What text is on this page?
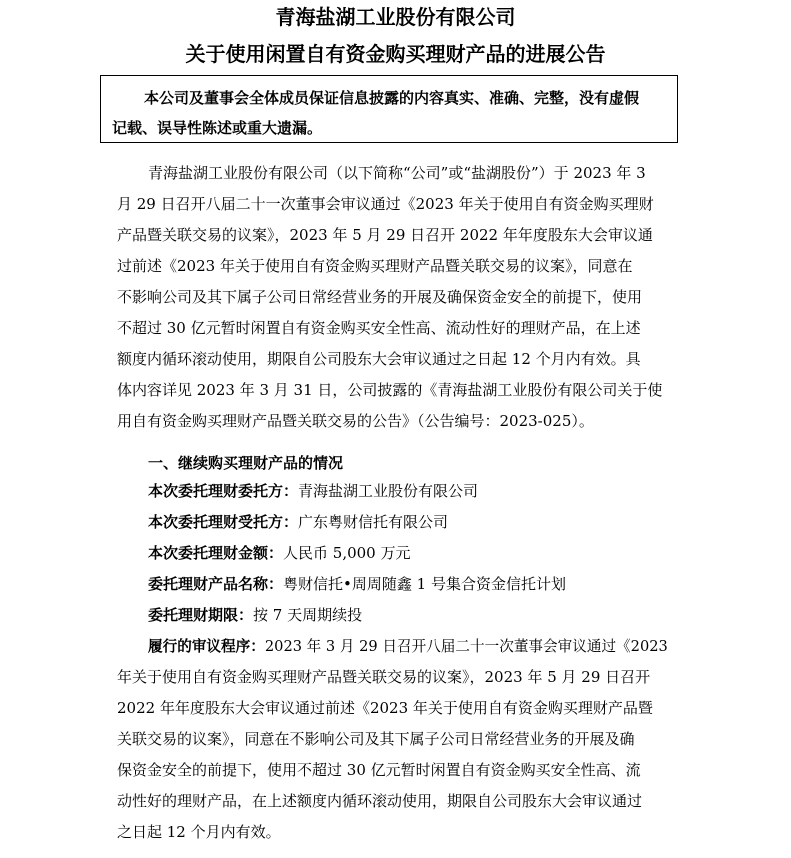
青海盐湖工业股份有限公司
关于使用闲置自有资金购买理财产品的进展公告
本公司及董事会全体成员保证信息披露的内容真实、准确、完整，没有虚假
记载、误导性陈述或重大遗漏。
青海盐湖工业股份有限公司（以下简称“公司”或“盐湖股份”）于 2023 年 3
月 29 日召开八届二十一次董事会审议通过《2023 年关于使用自有资金购买理财
产品暨关联交易的议案》，2023 年 5 月 29 日召开 2022 年年度股东大会审议通
过前述《2023 年关于使用自有资金购买理财产品暨关联交易的议案》，同意在
不影响公司及其下属子公司日常经营业务的开展及确保资金安全的前提下，使用
不超过 30 亿元暂时闲置自有资金购买安全性高、流动性好的理财产品，在上述
额度内循环滚动使用，期限自公司股东大会审议通过之日起 12 个月内有效。具
体内容详见 2023 年 3 月 31 日，公司披露的《青海盐湖工业股份有限公司关于使
用自有资金购买理财产品暨关联交易的公告》（公告编号：2023-025）。
一、继续购买理财产品的情况
本次委托理财委托方：青海盐湖工业股份有限公司
本次委托理财受托方：广东粤财信托有限公司
本次委托理财金额：人民币 5,000 万元
委托理财产品名称：粤财信托•周周随鑫 1 号集合资金信托计划
委托理财期限：按 7 天周期续投
履行的审议程序：2023 年 3 月 29 日召开八届二十一次董事会审议通过《2023
年关于使用自有资金购买理财产品暨关联交易的议案》，2023 年 5 月 29 日召开
2022 年年度股东大会审议通过前述《2023 年关于使用自有资金购买理财产品暨
关联交易的议案》，同意在不影响公司及其下属子公司日常经营业务的开展及确
保资金安全的前提下，使用不超过 30 亿元暂时闲置自有资金购买安全性高、流
动性好的理财产品，在上述额度内循环滚动使用，期限自公司股东大会审议通过
之日起 12 个月内有效。
